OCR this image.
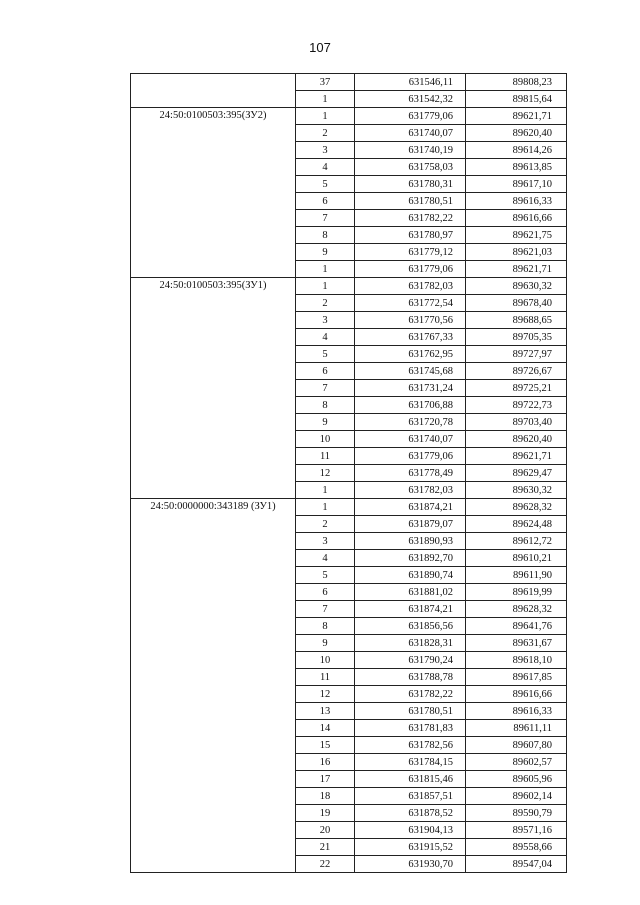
107
	37	631546,11	89808,23
	1	631542,32	89815,64
24:50:0100503:395(ЗУ2)	1	631779,06	89621,71
	2	631740,07	89620,40
	3	631740,19	89614,26
	4	631758,03	89613,85
	5	631780,31	89617,10
	6	631780,51	89616,33
	7	631782,22	89616,66
	8	631780,97	89621,75
	9	631779,12	89621,03
	1	631779,06	89621,71
24:50:0100503:395(ЗУ1)	1	631782,03	89630,32
	2	631772,54	89678,40
	3	631770,56	89688,65
	4	631767,33	89705,35
	5	631762,95	89727,97
	6	631745,68	89726,67
	7	631731,24	89725,21
	8	631706,88	89722,73
	9	631720,78	89703,40
	10	631740,07	89620,40
	11	631779,06	89621,71
	12	631778,49	89629,47
	1	631782,03	89630,32
24:50:0000000:343189 (ЗУ1)	1	631874,21	89628,32
	2	631879,07	89624,48
	3	631890,93	89612,72
	4	631892,70	89610,21
	5	631890,74	89611,90
	6	631881,02	89619,99
	7	631874,21	89628,32
	8	631856,56	89641,76
	9	631828,31	89631,67
	10	631790,24	89618,10
	11	631788,78	89617,85
	12	631782,22	89616,66
	13	631780,51	89616,33
	14	631781,83	89611,11
	15	631782,56	89607,80
	16	631784,15	89602,57
	17	631815,46	89605,96
	18	631857,51	89602,14
	19	631878,52	89590,79
	20	631904,13	89571,16
	21	631915,52	89558,66
	22	631930,70	89547,04
